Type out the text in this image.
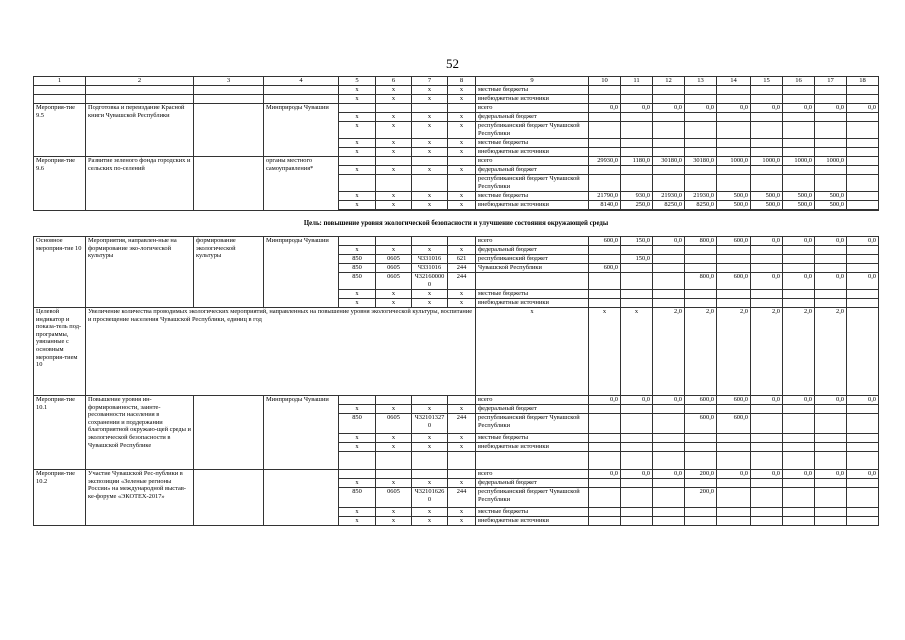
52
1	2	3	4	5	6	7	8	9	10	11	12	13	14	15	16	17	18	
				x	x	x	x	местные бюджеты										
				x	x	x	x	внебюджетные источники										
Мероприя-тие 9.5	Подготовка и переиздание Красной книги Чувашской Республики		Минприроды Чувашии					всего	0,0	0,0	0,0	0,0	0,0	0,0	0,0	0,0	0,0	
				x	x	x	x	федеральный бюджет										
				x	x	x	x	республиканский бюджет Чувашской Республики										
				x	x	x	x	местные бюджеты										
				x	x	x	x	внебюджетные источники										
Мероприя-тие 9.6	Развитие зеленого фонда городских и сельских по-селений		органы местного самоуправления*					всего	29930,0	1180,0	30180,0	30180,0	1000,0	1000,0	1000,0	1000,0		
				x	x	x	x	федеральный бюджет										
								республиканский бюджет Чувашской Республики										
				x	x	x	x	местные бюджеты	21790,0	930,0	21930,0	21930,0	500,0	500,0	500,0	500,0		
				x	x	x	x	внебюджетные источники	8140,0	250,0	8250,0	8250,0	500,0	500,0	500,0	500,0		

Цель: повышение уровня экологической безопасности и улучшение состояния окружающей среды																		
Основное мероприя-тие 10	Мероприятия, направлен-ные на формирование эко-логической культуры	формирование экологической культуры	Минприроды Чувашии					всего	600,0	150,0	0,0	800,0	600,0	0,0	0,0	0,0	0,0	
				x	x	x	x	федеральный бюджет										
				850	0605	Ч331016	621	республиканский бюджет		150,0								
				850	0605	Ч331016	244	Чувашской Республики	600,0									
				850	0605	Ч321600000	244					800,0	600,0	0,0	0,0	0,0	0,0	
				x	x	x	x	местные бюджеты										
				x	x	x	x	внебюджетные источники										
Целевой индикатор и показа-тель под-программы, увязанные с основным мероприя-тием 10	Увеличение количества проводимых экологических мероприятий, направленных на повышение уровня экологической культуры, воспитание и просвещение населения Чувашской Республики, единиц в год							x	x	x	2,0	2,0	2,0	2,0	2,0	2,0		
Мероприя-тие 10.1	Повышение уровня ин-формированности, заинте-ресованности населения в сохранении и поддержании благоприятной окружаю-щей среды и экологической безопасности в Чувашской Республике		Минприроды Чувашии					всего	0,0	0,0	0,0	600,0	600,0	0,0	0,0	0,0	0,0	
				x	x	x	x	федеральный бюджет										
				850	0605	Ч321013270	244	республиканский бюджет Чувашской Республики				600,0	600,0					
				x	x	x	x	местные бюджеты										
				x	x	x	x	внебюджетные источники										

Мероприя-тие 10.2	Участие Чувашской Рес-публики в экспозиции «Зеленые регионы России» на международной выстав-ке-форуме «ЭКОТЕХ-2017»							всего	0,0	0,0	0,0	200,0	0,0	0,0	0,0	0,0	0,0	
				x	x	x	x	федеральный бюджет										
				850	0605	Ч321016260	244	республиканский бюджет Чувашской Республики				200,0						
				x	x	x	x	местные бюджеты										
				x	x	x	x	внебюджетные источники										
